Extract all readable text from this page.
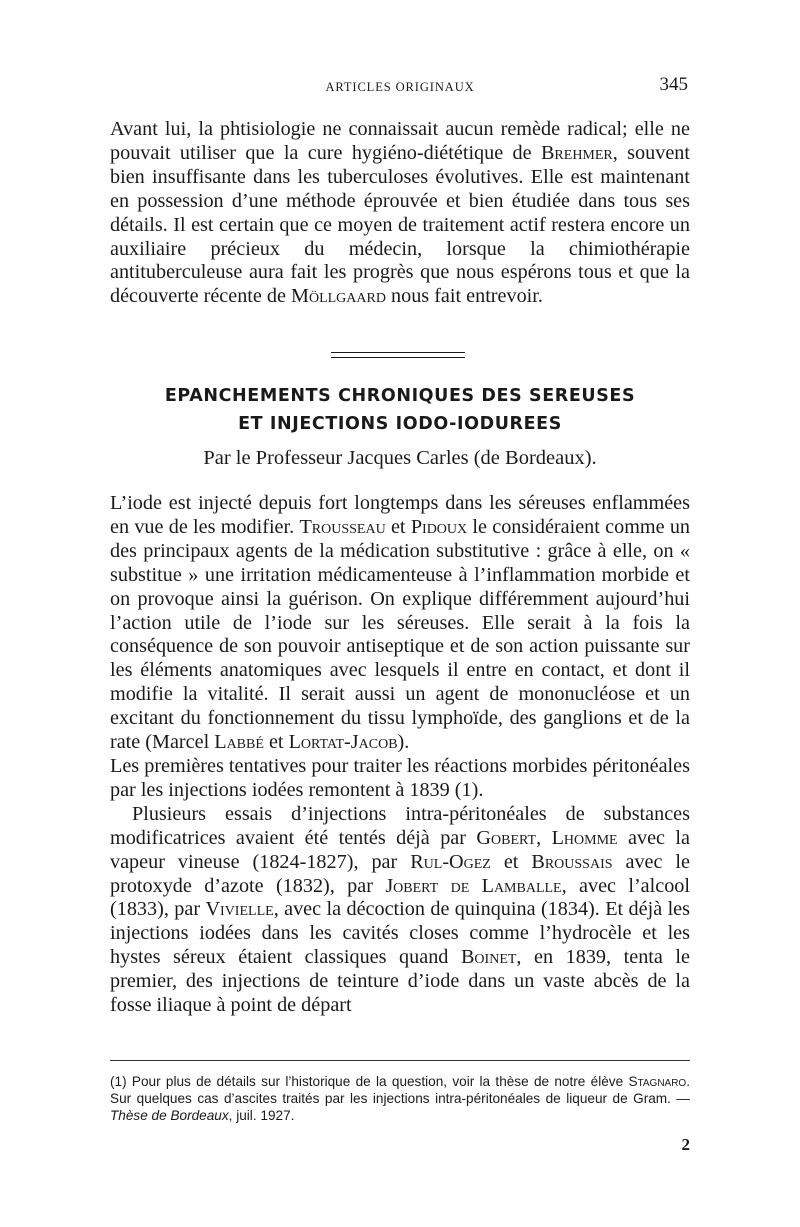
ARTICLES ORIGINAUX	345

Avant lui, la phtisiologie ne connaissait aucun remède radical; elle ne pouvait utiliser que la cure hygiéno-diététique de Brehmer, souvent bien insuffisante dans les tuberculoses évolutives. Elle est maintenant en possession d’une méthode éprouvée et bien étudiée dans tous ses détails. Il est certain que ce moyen de traitement actif restera encore un auxiliaire précieux du médecin, lorsque la chimiothérapie antituberculeuse aura fait les progrès que nous espérons tous et que la découverte récente de Möllgaard nous fait entrevoir.

EPANCHEMENTS CHRONIQUES DES SEREUSES
ET INJECTIONS IODO-IODUREES
Par le Professeur Jacques Carles (de Bordeaux).

L’iode est injecté depuis fort longtemps dans les séreuses enflammées en vue de les modifier. Trousseau et Pidoux le considéraient comme un des principaux agents de la médication substitutive : grâce à elle, on « substitue » une irritation médicamenteuse à l’inflammation morbide et on provoque ainsi la guérison. On explique différemment aujourd’hui l’action utile de l’iode sur les séreuses. Elle serait à la fois la conséquence de son pouvoir antiseptique et de son action puissante sur les éléments anatomiques avec lesquels il entre en contact, et dont il modifie la vitalité. Il serait aussi un agent de mononucléose et un excitant du fonctionnement du tissu lymphoïde, des ganglions et de la rate (Marcel Labbé et Lortat-Jacob).

Les premières tentatives pour traiter les réactions morbides péritonéales par les injections iodées remontent à 1839 (1).

Plusieurs essais d’injections intra-péritonéales de substances modificatrices avaient été tentés déjà par Gobert, Lhomme avec la vapeur vineuse (1824-1827), par Rul-Ogez et Broussais avec le protoxyde d’azote (1832), par Jobert de Lamballe, avec l’alcool (1833), par Vivielle, avec la décoction de quinquina (1834). Et déjà les injections iodées dans les cavités closes comme l’hydrocèle et les hystes séreux étaient classiques quand Boinet, en 1839, tenta le premier, des injections de teinture d’iode dans un vaste abcès de la fosse iliaque à point de départ

(1) Pour plus de détails sur l’historique de la question, voir la thèse de notre élève Stagnaro. Sur quelques cas d’ascites traités par les injections intra-péritonéales de liqueur de Gram. — Thèse de Bordeaux, juil. 1927.
2
